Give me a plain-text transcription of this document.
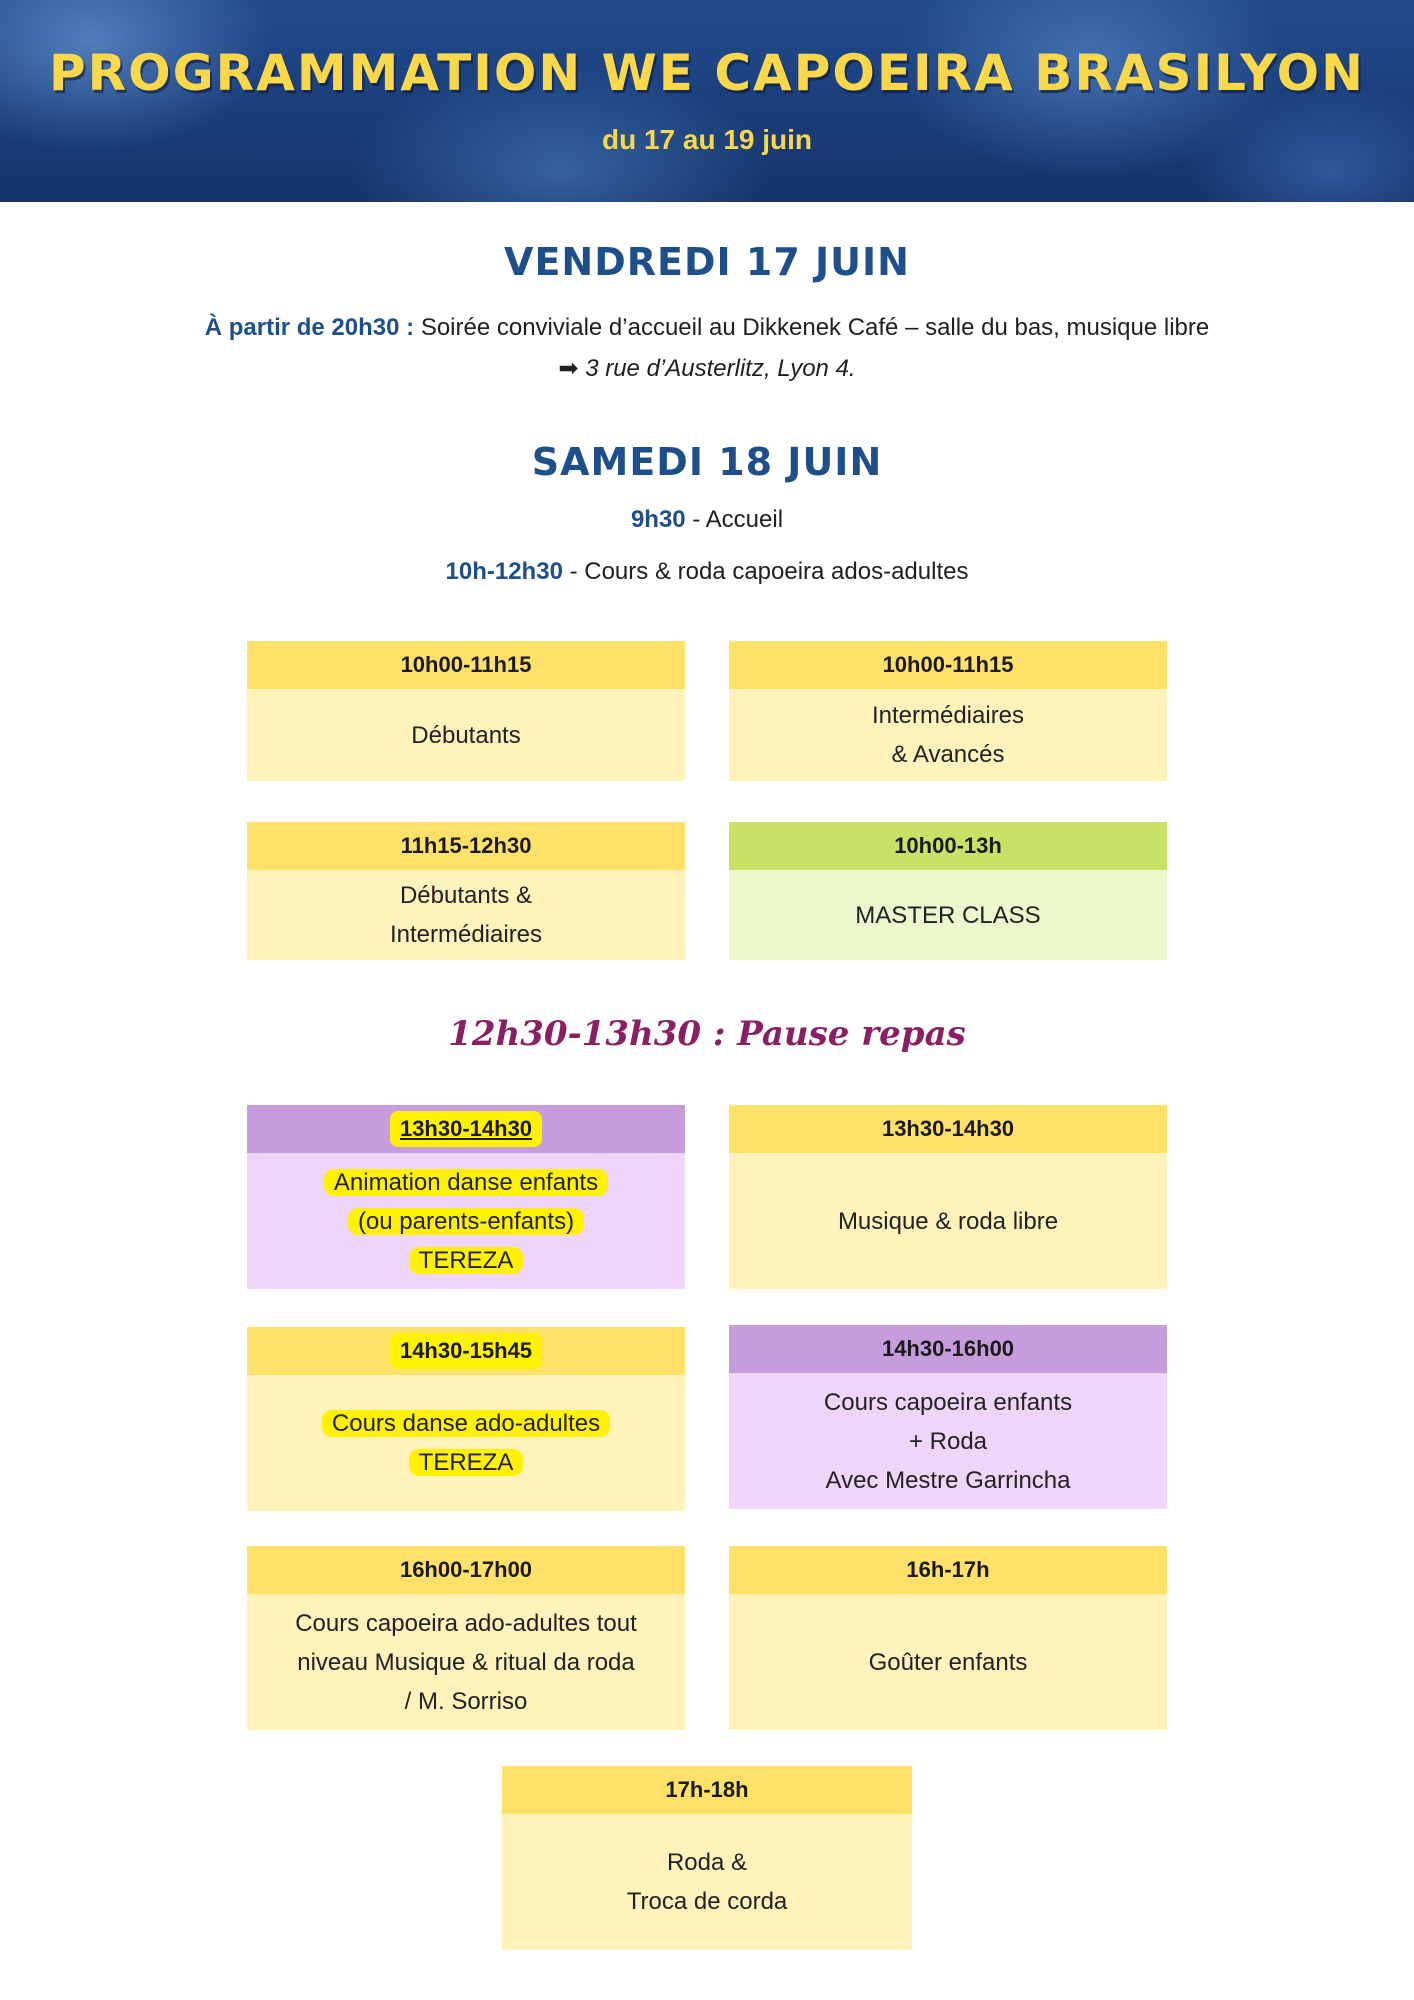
PROGRAMMATION WE CAPOEIRA BRASILYON
du 17 au 19 juin
VENDREDI 17 JUIN
À partir de 20h30 : Soirée conviviale d’accueil au Dikkenek Café – salle du bas, musique libre
➡ 3 rue d’Austerlitz, Lyon 4.
SAMEDI 18 JUIN
9h30 - Accueil
10h-12h30 - Cours & roda capoeira ados-adultes
10h00-11h15
Débutants
10h00-11h15
Intermédiaires
& Avancés
11h15-12h30
Débutants &
Intermédiaires
10h00-13h
MASTER CLASS
12h30-13h30 : Pause repas
13h30-14h30
Animation danse enfants
(ou parents-enfants)
TEREZA
13h30-14h30
Musique & roda libre
14h30-15h45
Cours danse ado-adultes
TEREZA
14h30-16h00
Cours capoeira enfants
+ Roda
Avec Mestre Garrincha
16h00-17h00
Cours capoeira ado-adultes tout
niveau Musique & ritual da roda
/ M. Sorriso
16h-17h
Goûter enfants
17h-18h
Roda &
Troca de corda
